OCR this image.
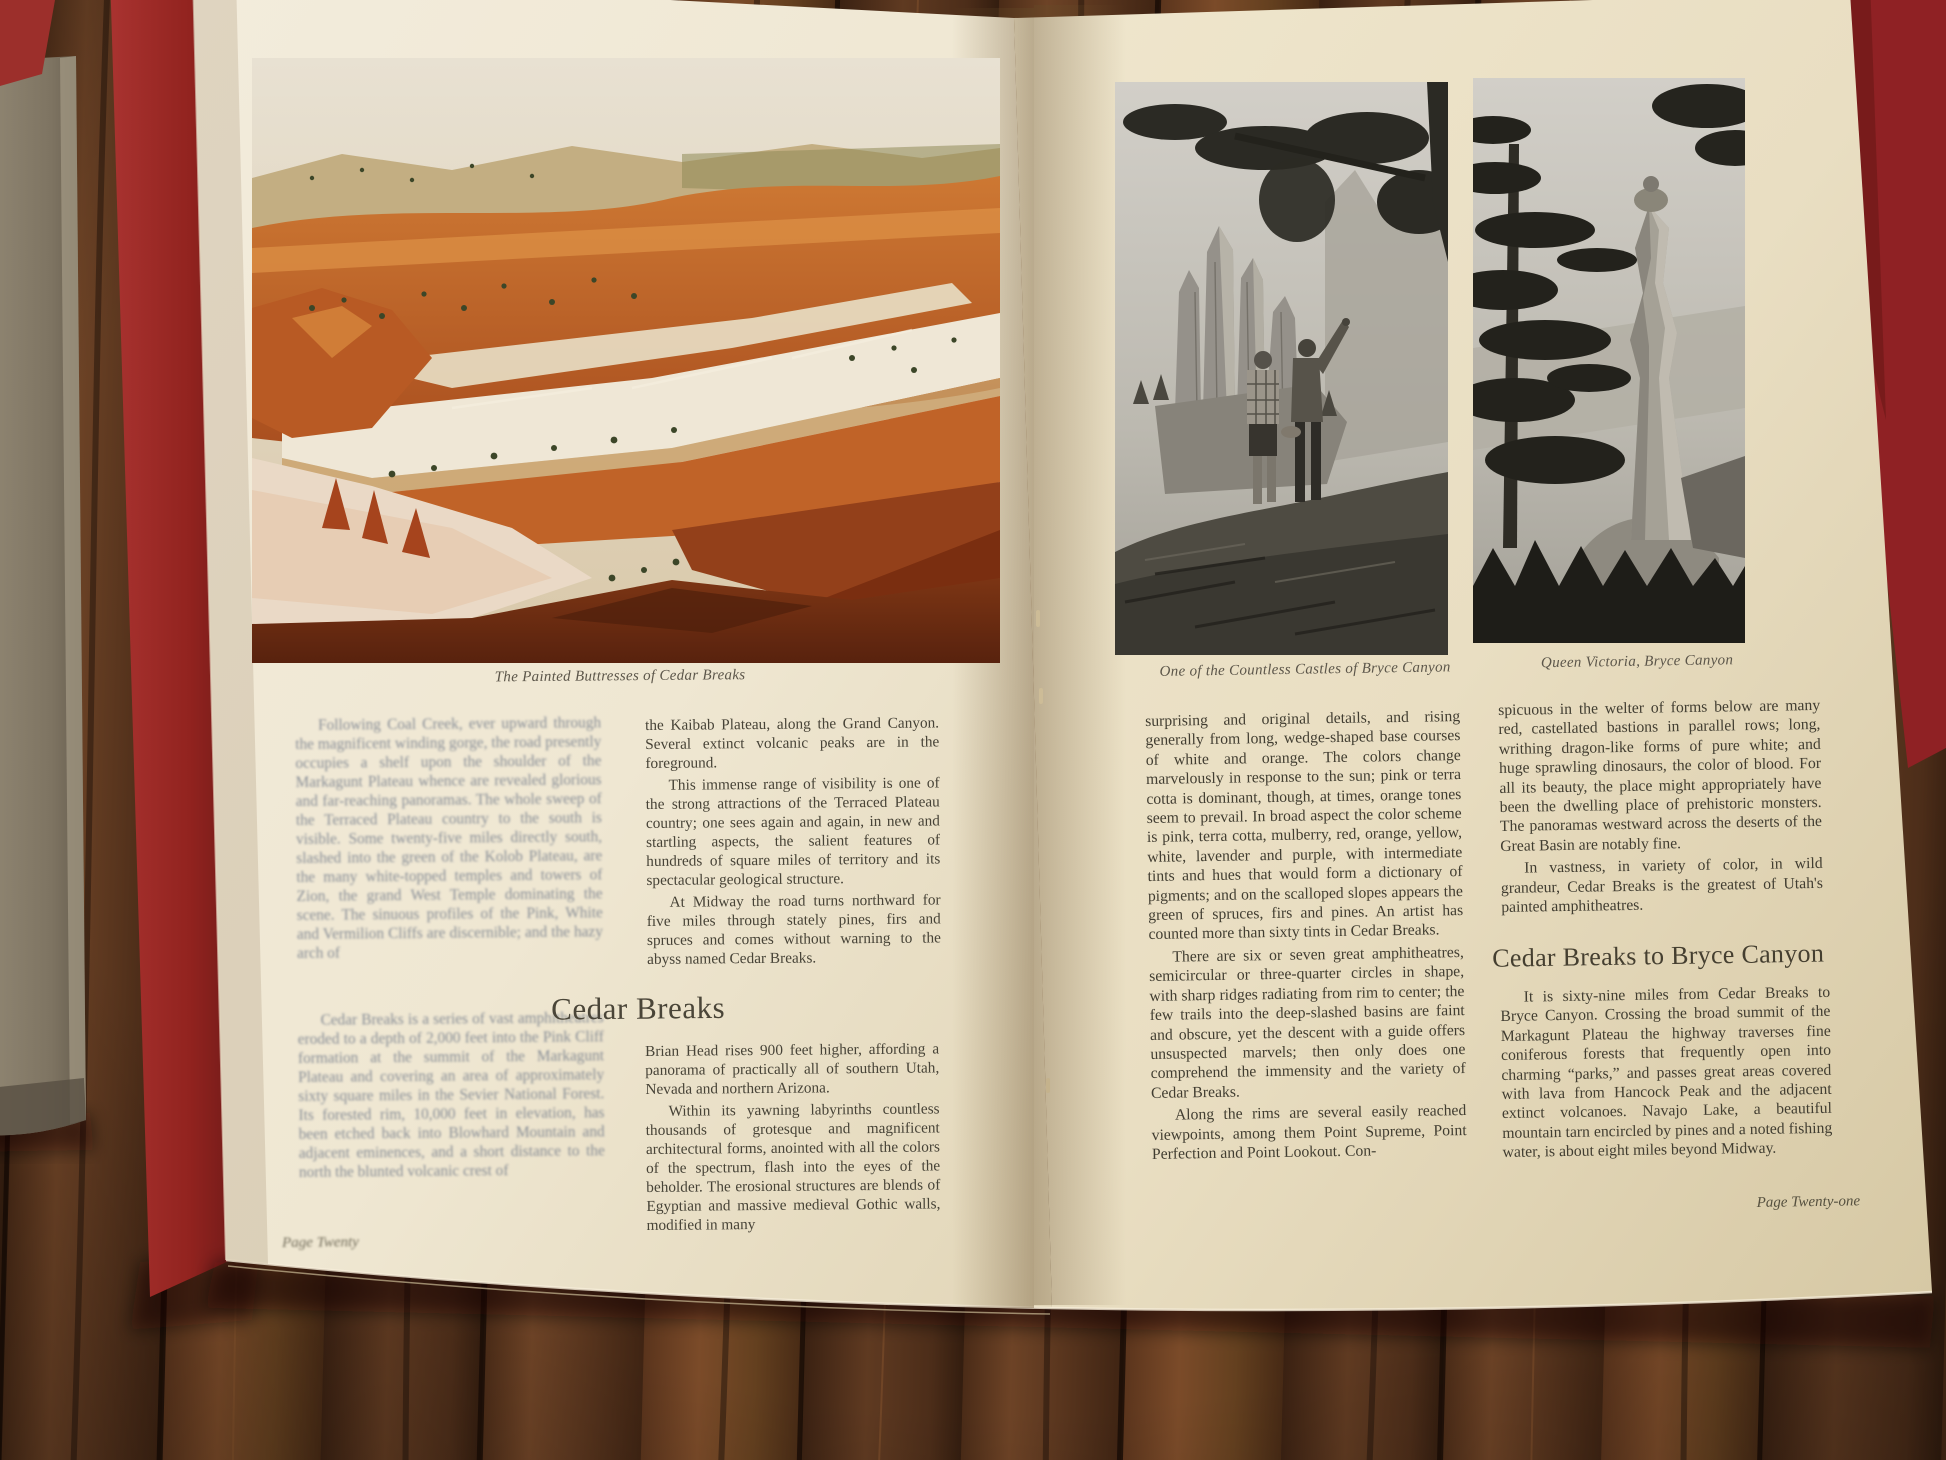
The Painted Buttresses of Cedar Breaks

Following Coal Creek, ever upward through the magnificent winding gorge, the road presently occupies a shelf upon the shoulder of the Markagunt Plateau whence are revealed glorious and far-reaching panoramas. The whole sweep of the Terraced Plateau country to the south is visible. Some twenty-five miles directly south, slashed into the green of the Kolob Plateau, are the many white-topped temples and towers of Zion, the grand West Temple dominating the scene. The sinuous profiles of the Pink, White and Vermilion Cliffs are discernible; and the hazy arch of

Cedar Breaks is a series of vast amphitheatres eroded to a depth of 2,000 feet into the Pink Cliff formation at the summit of the Markagunt Plateau and covering an area of approximately sixty square miles in the Sevier National Forest. Its forested rim, 10,000 feet in elevation, has been etched back into Blowhard Mountain and adjacent eminences, and a short distance to the north the blunted volcanic crest of

the Kaibab Plateau, along the Grand Canyon. Several extinct volcanic peaks are in the foreground.

This immense range of visibility is one of the strong attractions of the Terraced Plateau country; one sees again and again, in new and startling aspects, the salient features of hundreds of square miles of territory and its spectacular geological structure.

At Midway the road turns northward for five miles through stately pines, firs and spruces and comes without warning to the abyss named Cedar Breaks.

Cedar Breaks

Brian Head rises 900 feet higher, affording a panorama of practically all of southern Utah, Nevada and northern Arizona.

Within its yawning labyrinths countless thousands of grotesque and magnificent architectural forms, anointed with all the colors of the spectrum, flash into the eyes of the beholder. The erosional structures are blends of Egyptian and massive medieval Gothic walls, modified in many

Page Twenty
One of the Countless Castles of Bryce Canyon	Queen Victoria, Bryce Canyon

surprising and original details, and rising generally from long, wedge-shaped base courses of white and orange. The colors change marvelously in response to the sun; pink or terra cotta is dominant, though, at times, orange tones seem to prevail. In broad aspect the color scheme is pink, terra cotta, mulberry, red, orange, yellow, white, lavender and purple, with intermediate tints and hues that would form a dictionary of pigments; and on the scalloped slopes appears the green of spruces, firs and pines. An artist has counted more than sixty tints in Cedar Breaks.

There are six or seven great amphitheatres, semicircular or three-quarter circles in shape, with sharp ridges radiating from rim to center; the few trails into the deep-slashed basins are faint and obscure, yet the descent with a guide offers unsuspected marvels; then only does one comprehend the immensity and the variety of Cedar Breaks.

Along the rims are several easily reached viewpoints, among them Point Supreme, Point Perfection and Point Lookout. Con-

spicuous in the welter of forms below are many red, castellated bastions in parallel rows; long, writhing dragon-like forms of pure white; and huge sprawling dinosaurs, the color of blood. For all its beauty, the place might appropriately have been the dwelling place of prehistoric monsters. The panoramas westward across the deserts of the Great Basin are notably fine.

In vastness, in variety of color, in wild grandeur, Cedar Breaks is the greatest of Utah's painted amphitheatres.

Cedar Breaks to Bryce Canyon

It is sixty-nine miles from Cedar Breaks to Bryce Canyon. Crossing the broad summit of the Markagunt Plateau the highway traverses fine coniferous forests that frequently open into charming “parks,” and passes great areas covered with lava from Hancock Peak and the adjacent extinct volcanoes. Navajo Lake, a beautiful mountain tarn encircled by pines and a noted fishing water, is about eight miles beyond Midway.

Page Twenty-one
